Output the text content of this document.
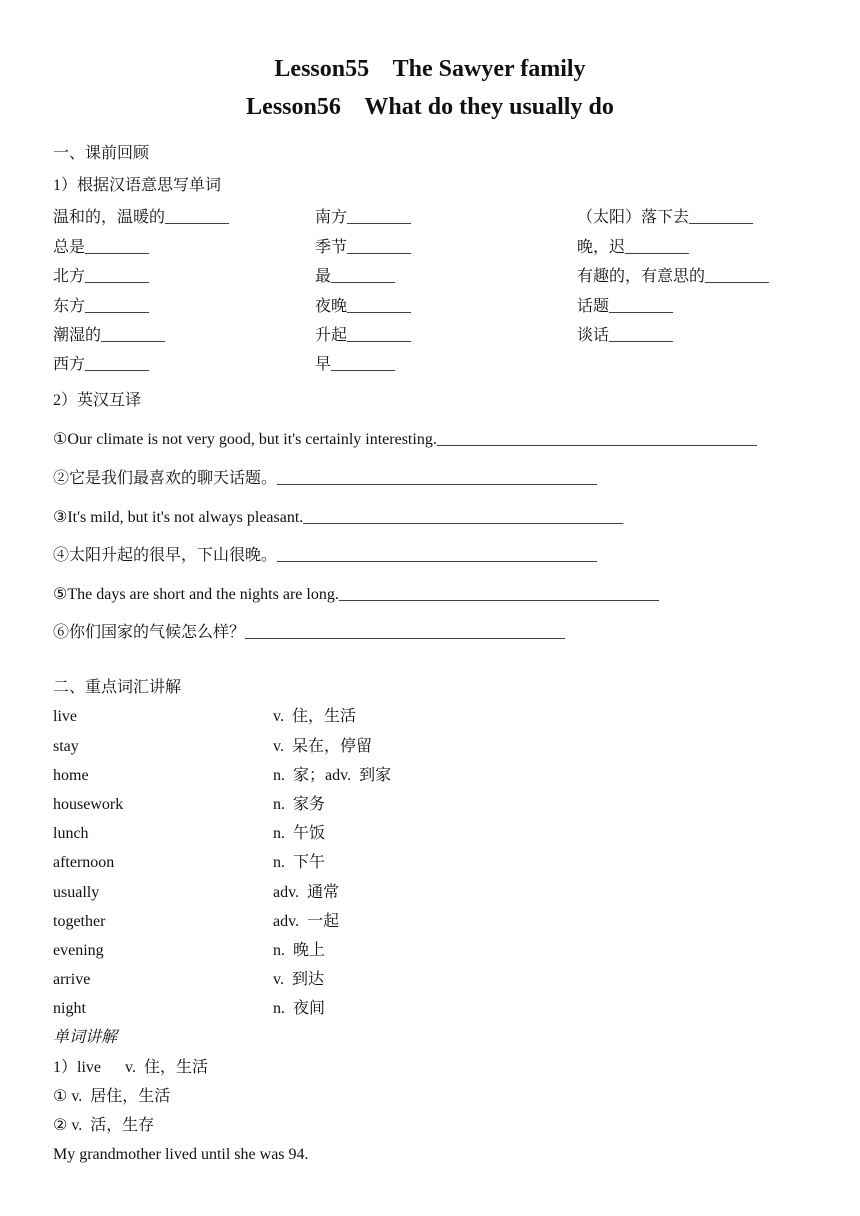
Lesson55    The Sawyer family
Lesson56    What do they usually do
一、课前回顾
1）根据汉语意思写单词
温和的，温暖的________	南方________	（太阳）落下去________
总是________	季节________	晚，迟________
北方________	最________	有趣的，有意思的________
东方________	夜晚________	话题________
潮湿的________	升起________	谈话________
西方________	早________
2）英汉互译
①Our climate is not very good, but it's certainly interesting.________________________________________
②它是我们最喜欢的聊天话题。________________________________________
③It's mild, but it's not always pleasant.________________________________________
④太阳升起的很早，下山很晚。________________________________________
⑤The days are short and the nights are long.________________________________________
⑥你们国家的气候怎么样？________________________________________
二、重点词汇讲解
live	v.  住，生活
stay	v.  呆在，停留
home	n.  家；adv.  到家
housework	n.  家务
lunch	n.  午饭
afternoon	n.  下午
usually	adv.  通常
together	adv.  一起
evening	n.  晚上
arrive	v.  到达
night	n.  夜间
单词讲解
1）live      v.  住，生活
① v.  居住，生活
② v.  活，生存
My grandmother lived until she was 94.
